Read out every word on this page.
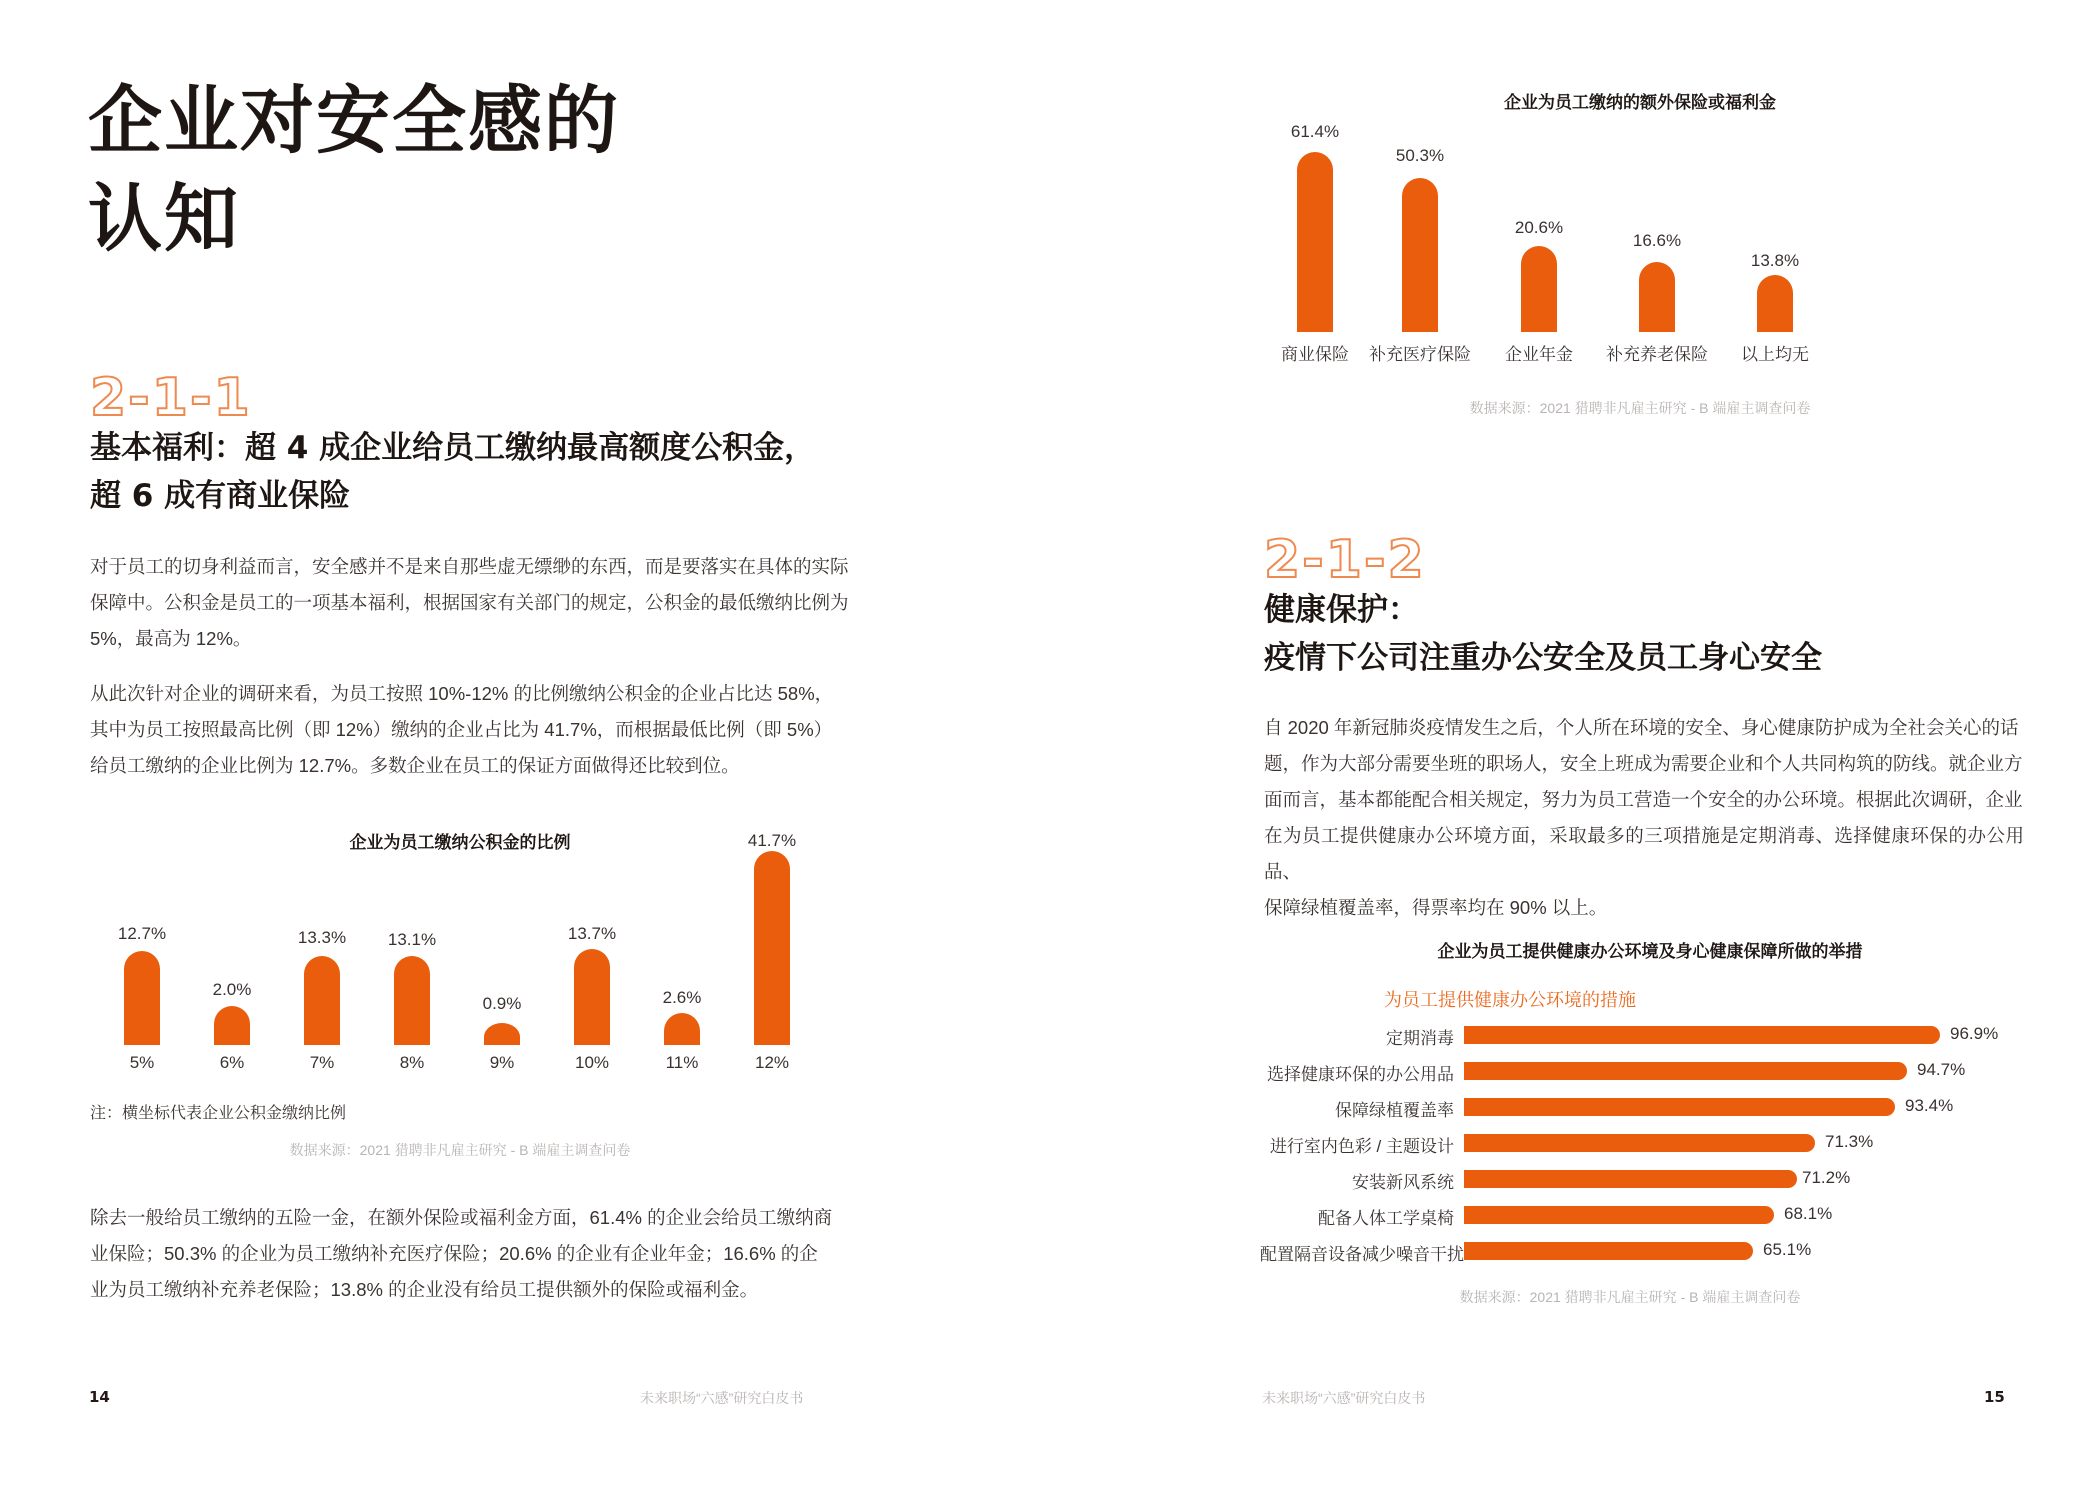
企业对安全感的
认知
2-1-1
基本福利：超 4 成企业给员工缴纳最高额度公积金，
超 6 成有商业保险
对于员工的切身利益而言，安全感并不是来自那些虚无缥缈的东西，而是要落实在具体的实际
保障中。公积金是员工的一项基本福利，根据国家有关部门的规定，公积金的最低缴纳比例为
5%，最高为 12%。
从此次针对企业的调研来看，为员工按照 10%-12% 的比例缴纳公积金的企业占比达 58%，
其中为员工按照最高比例（即 12%）缴纳的企业占比为 41.7%，而根据最低比例（即 5%）
给员工缴纳的企业比例为 12.7%。多数企业在员工的保证方面做得还比较到位。
企业为员工缴纳公积金的比例
12.7%
5%
2.0%
6%
13.3%
7%
13.1%
8%
0.9%
9%
13.7%
10%
2.6%
11%
41.7%
12%
注：横坐标代表企业公积金缴纳比例
数据来源：2021 猎聘非凡雇主研究 - B 端雇主调查问卷
除去一般给员工缴纳的五险一金，在额外保险或福利金方面，61.4% 的企业会给员工缴纳商
业保险；50.3% 的企业为员工缴纳补充医疗保险；20.6% 的企业有企业年金；16.6% 的企
业为员工缴纳补充养老保险；13.8% 的企业没有给员工提供额外的保险或福利金。
14	未来职场“六感”研究白皮书
企业为员工缴纳的额外保险或福利金
61.4%
商业保险
50.3%
补充医疗保险
20.6%
企业年金
16.6%
补充养老保险
13.8%
以上均无
数据来源：2021 猎聘非凡雇主研究 - B 端雇主调查问卷
2-1-2
健康保护：
疫情下公司注重办公安全及员工身心安全
自 2020 年新冠肺炎疫情发生之后，个人所在环境的安全、身心健康防护成为全社会关心的话
题，作为大部分需要坐班的职场人，安全上班成为需要企业和个人共同构筑的防线。就企业方
面而言，基本都能配合相关规定，努力为员工营造一个安全的办公环境。根据此次调研，企业
在为员工提供健康办公环境方面，采取最多的三项措施是定期消毒、选择健康环保的办公用品、
保障绿植覆盖率，得票率均在 90% 以上。
企业为员工提供健康办公环境及身心健康保障所做的举措
为员工提供健康办公环境的措施
定期消毒	96.9%
选择健康环保的办公用品	94.7%
保障绿植覆盖率	93.4%
进行室内色彩 / 主题设计	71.3%
安装新风系统	71.2%
配备人体工学桌椅	68.1%
配置隔音设备减少噪音干扰	65.1%
数据来源：2021 猎聘非凡雇主研究 - B 端雇主调查问卷
未来职场“六感”研究白皮书	15
